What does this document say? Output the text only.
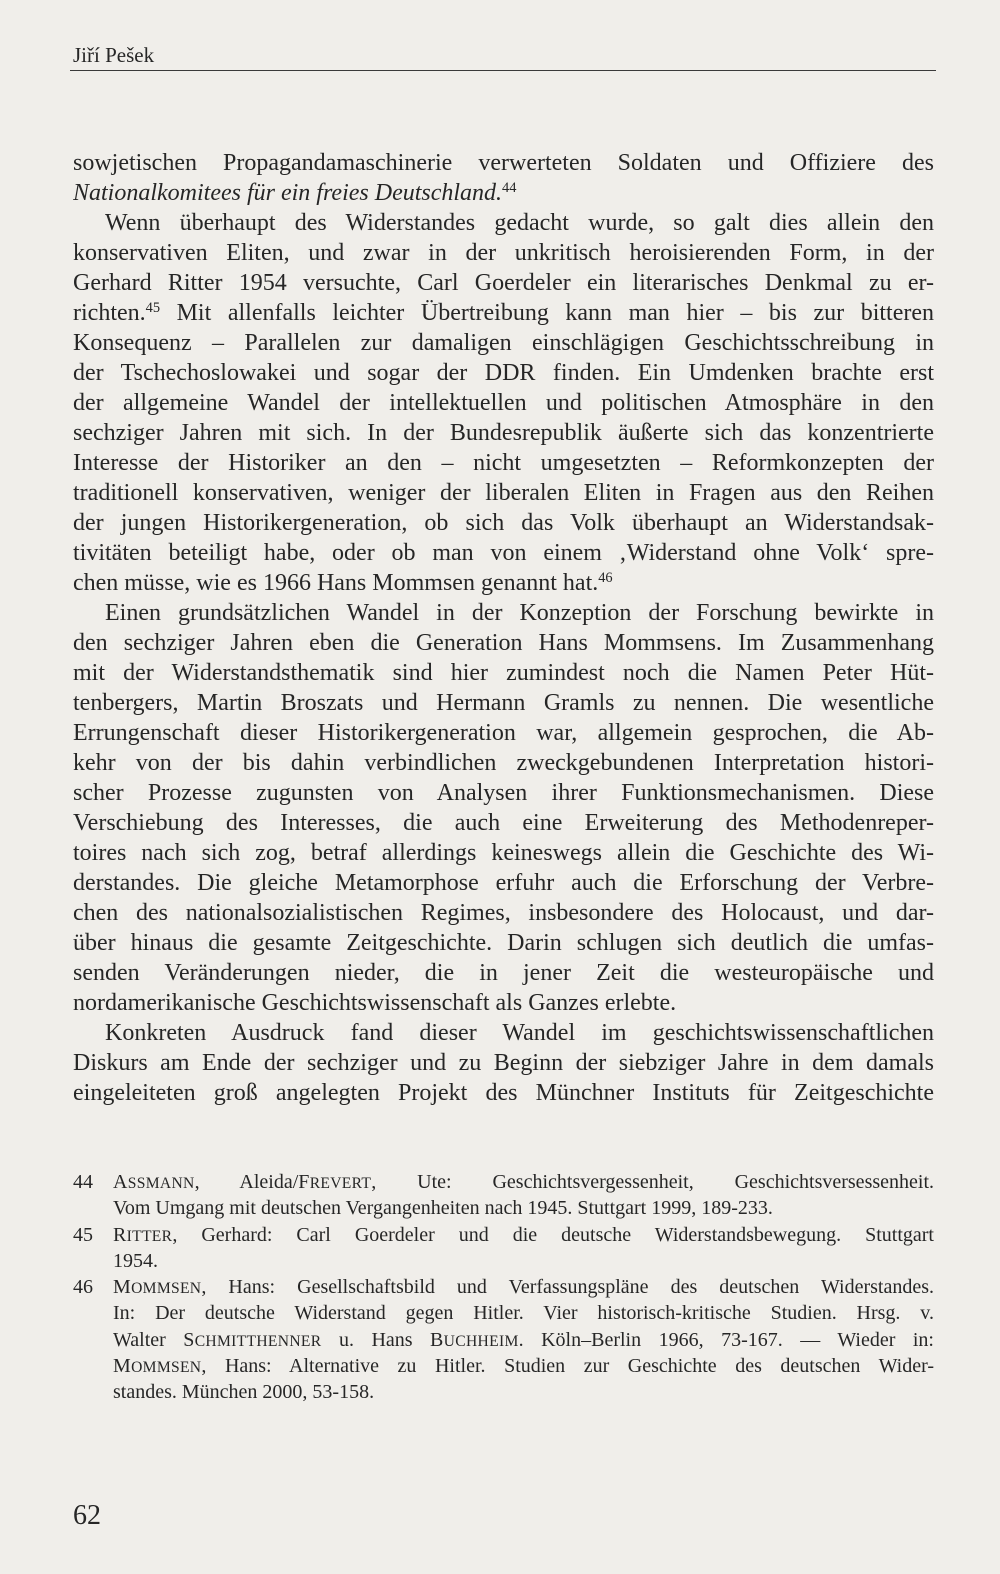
Jiří Pešek
sowjetischen Propagandamaschinerie verwerteten Soldaten und Offiziere des
Nationalkomitees für ein freies Deutschland.$^{44}$
Wenn überhaupt des Widerstandes gedacht wurde, so galt dies allein den
konservativen Eliten, und zwar in der unkritisch heroisierenden Form, in der
Gerhard Ritter 1954 versuchte, Carl Goerdeler ein literarisches Denkmal zu er-
richten.$^{45}$ Mit allenfalls leichter Übertreibung kann man hier – bis zur bitteren
Konsequenz – Parallelen zur damaligen einschlägigen Geschichtsschreibung in
der Tschechoslowakei und sogar der DDR finden. Ein Umdenken brachte erst
der allgemeine Wandel der intellektuellen und politischen Atmosphäre in den
sechziger Jahren mit sich. In der Bundesrepublik äußerte sich das konzentrierte
Interesse der Historiker an den – nicht umgesetzten – Reformkonzepten der
traditionell konservativen, weniger der liberalen Eliten in Fragen aus den Reihen
der jungen Historikergeneration, ob sich das Volk überhaupt an Widerstandsak-
tivitäten beteiligt habe, oder ob man von einem ‚Widerstand ohne Volk‘ spre-
chen müsse, wie es 1966 Hans Mommsen genannt hat.$^{46}$
Einen grundsätzlichen Wandel in der Konzeption der Forschung bewirkte in
den sechziger Jahren eben die Generation Hans Mommsens. Im Zusammenhang
mit der Widerstandsthematik sind hier zumindest noch die Namen Peter Hüt-
tenbergers, Martin Broszats und Hermann Gramls zu nennen. Die wesentliche
Errungenschaft dieser Historikergeneration war, allgemein gesprochen, die Ab-
kehr von der bis dahin verbindlichen zweckgebundenen Interpretation histori-
scher Prozesse zugunsten von Analysen ihrer Funktionsmechanismen. Diese
Verschiebung des Interesses, die auch eine Erweiterung des Methodenreper-
toires nach sich zog, betraf allerdings keineswegs allein die Geschichte des Wi-
derstandes. Die gleiche Metamorphose erfuhr auch die Erforschung der Verbre-
chen des nationalsozialistischen Regimes, insbesondere des Holocaust, und dar-
über hinaus die gesamte Zeitgeschichte. Darin schlugen sich deutlich die umfas-
senden Veränderungen nieder, die in jener Zeit die westeuropäische und
nordamerikanische Geschichtswissenschaft als Ganzes erlebte.
Konkreten Ausdruck fand dieser Wandel im geschichtswissenschaftlichen
Diskurs am Ende der sechziger und zu Beginn der siebziger Jahre in dem damals
eingeleiteten groß angelegten Projekt des Münchner Instituts für Zeitgeschichte
44 ASSMANN, Aleida/FREVERT, Ute: Geschichtsvergessenheit, Geschichtsversessenheit.
Vom Umgang mit deutschen Vergangenheiten nach 1945. Stuttgart 1999, 189-233.
45 RITTER, Gerhard: Carl Goerdeler und die deutsche Widerstandsbewegung. Stuttgart
1954.
46 MOMMSEN, Hans: Gesellschaftsbild und Verfassungspläne des deutschen Widerstandes.
In: Der deutsche Widerstand gegen Hitler. Vier historisch-kritische Studien. Hrsg. v.
Walter SCHMITTHENNER u. Hans BUCHHEIM. Köln–Berlin 1966, 73-167. — Wieder in:
MOMMSEN, Hans: Alternative zu Hitler. Studien zur Geschichte des deutschen Wider-
standes. München 2000, 53-158.
62
